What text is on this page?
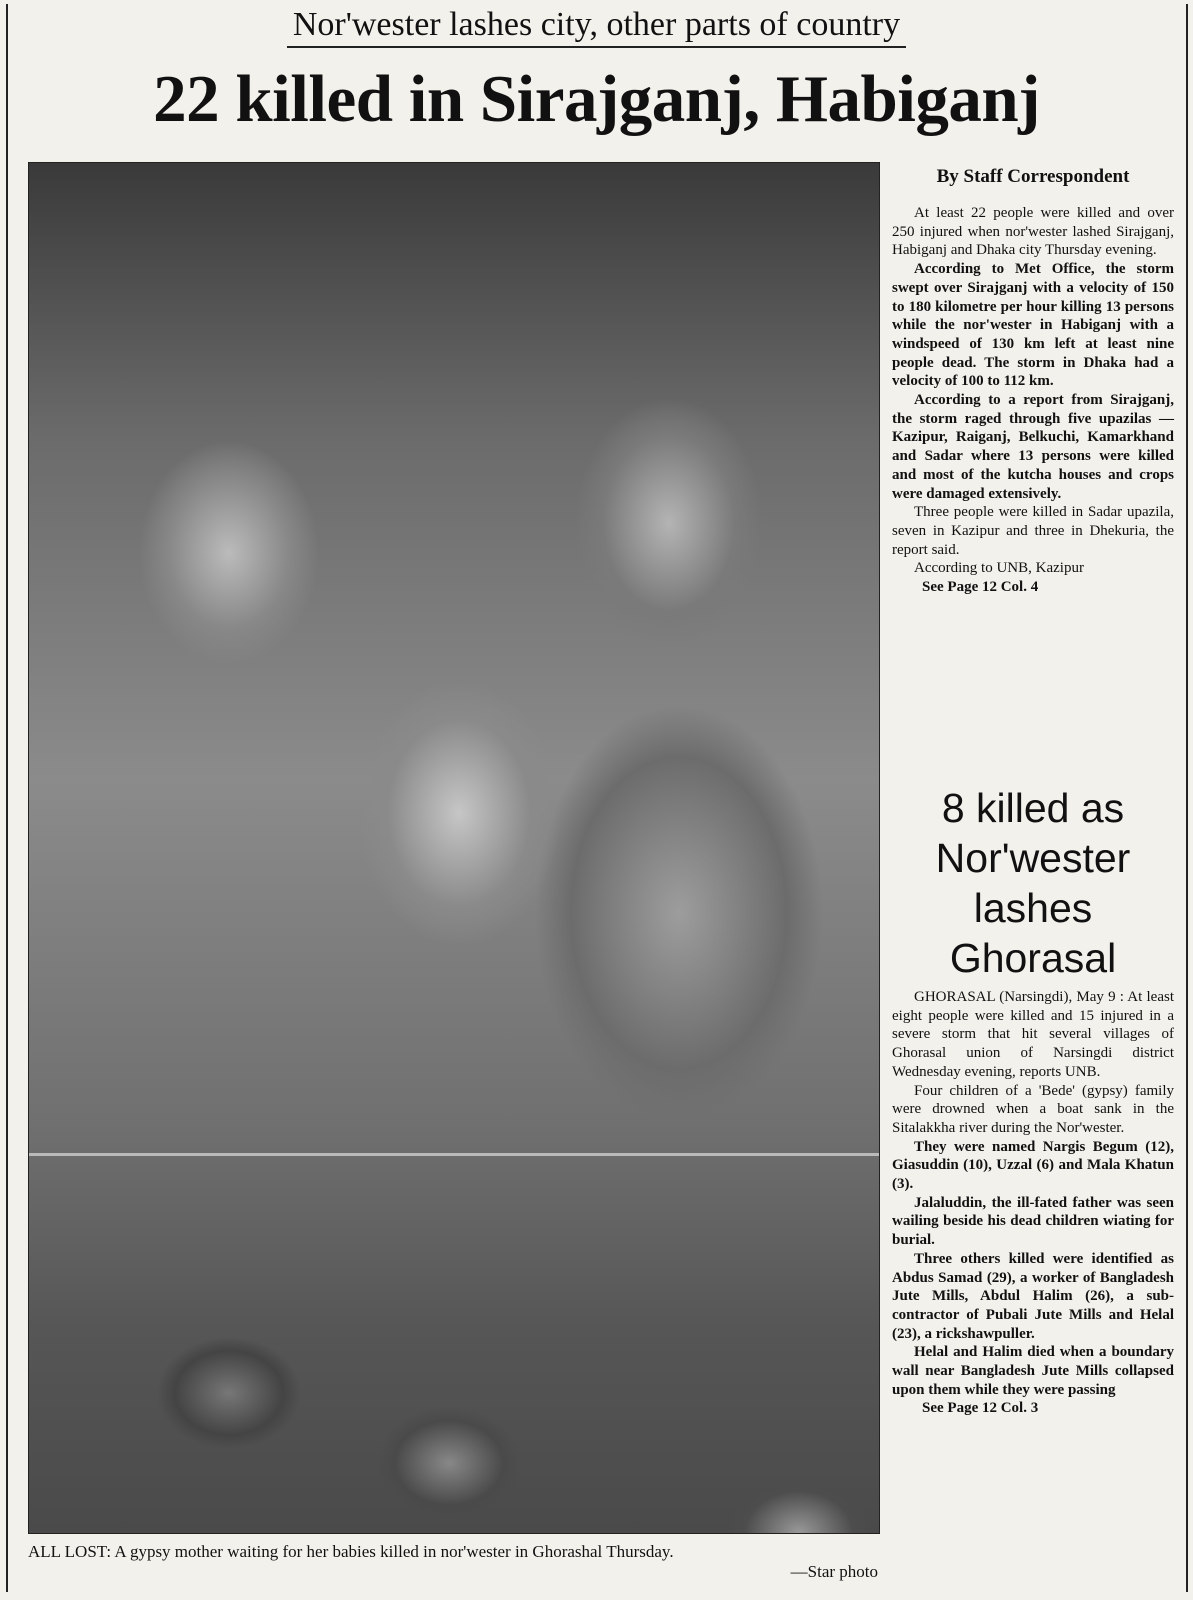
Nor'wester lashes city, other parts of country
22 killed in Sirajganj, Habiganj
ALL LOST: A gypsy mother waiting for her babies killed in nor'wester in Ghorashal Thursday.
—Star photo
By Staff Correspondent

At least 22 people were killed and over 250 injured when nor'wester lashed Sirajganj, Habiganj and Dhaka city Thursday evening.

According to Met Office, the storm swept over Sirajganj with a velocity of 150 to 180 kilometre per hour killing 13 persons while the nor'wester in Habiganj with a windspeed of 130 km left at least nine people dead. The storm in Dhaka had a velocity of 100 to 112 km.

According to a report from Sirajganj, the storm raged through five upazilas — Kazipur, Raiganj, Belkuchi, Kamarkhand and Sadar where 13 persons were killed and most of the kutcha houses and crops were damaged extensively.

Three people were killed in Sadar upazila, seven in Kazipur and three in Dhekuria, the report said.

According to UNB, Kazipur

See Page 12 Col. 4

8 killed as Nor'wester lashes Ghorasal

GHORASAL (Narsingdi), May 9 : At least eight people were killed and 15 injured in a severe storm that hit several villages of Ghorasal union of Narsingdi district Wednesday evening, reports UNB.

Four children of a 'Bede' (gypsy) family were drowned when a boat sank in the Sitalakkha river during the Nor'wester.

They were named Nargis Begum (12), Giasuddin (10), Uzzal (6) and Mala Khatun (3).

Jalaluddin, the ill-fated father was seen wailing beside his dead children wiating for burial.

Three others killed were identified as Abdus Samad (29), a worker of Bangladesh Jute Mills, Abdul Halim (26), a sub-contractor of Pubali Jute Mills and Helal (23), a rickshawpuller.

Helal and Halim died when a boundary wall near Bangladesh Jute Mills collapsed upon them while they were passing

See Page 12 Col. 3
